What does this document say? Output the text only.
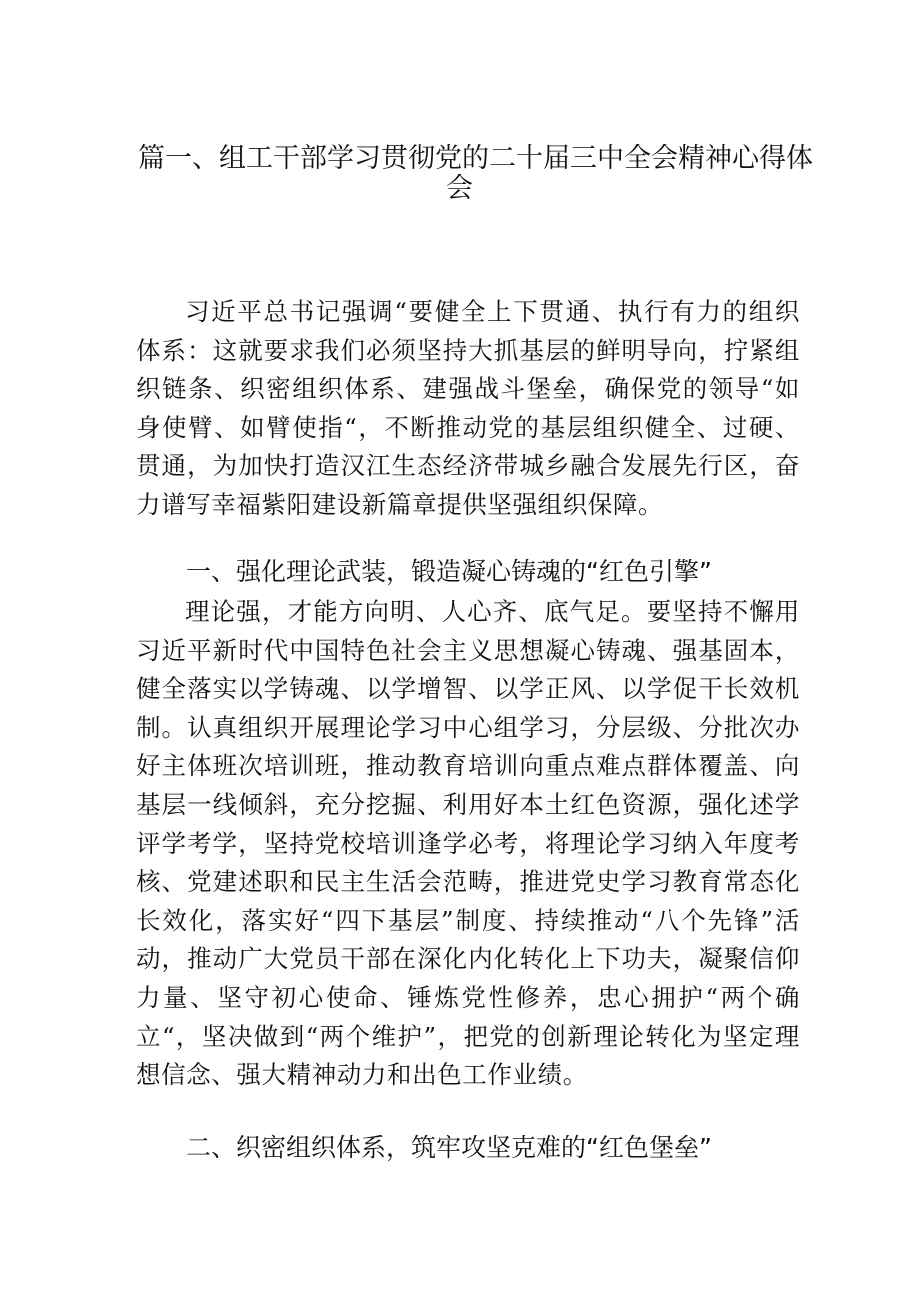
篇一、组工干部学习贯彻党的二十届三中全会精神心得体
会

习近平总书记强调“要健全上下贯通、执行有力的组织体系：这就要求我们必须坚持大抓基层的鲜明导向，拧紧组织链条、织密组织体系、建强战斗堡垒，确保党的领导“如身使臂、如臂使指“，不断推动党的基层组织健全、过硬、贯通，为加快打造汉江生态经济带城乡融合发展先行区，奋力谱写幸福紫阳建设新篇章提供坚强组织保障。

一、强化理论武装，锻造凝心铸魂的“红色引擎”

理论强，才能方向明、人心齐、底气足。要坚持不懈用习近平新时代中国特色社会主义思想凝心铸魂、强基固本，健全落实以学铸魂、以学增智、以学正风、以学促干长效机制。认真组织开展理论学习中心组学习，分层级、分批次办好主体班次培训班，推动教育培训向重点难点群体覆盖、向基层一线倾斜，充分挖掘、利用好本土红色资源，强化述学评学考学，坚持党校培训逢学必考，将理论学习纳入年度考核、党建述职和民主生活会范畴，推进党史学习教育常态化长效化，落实好“四下基层”制度、持续推动“八个先锋”活动，推动广大党员干部在深化内化转化上下功夫，凝聚信仰力量、坚守初心使命、锤炼党性修养，忠心拥护“两个确立“，坚决做到“两个维护”，把党的创新理论转化为坚定理想信念、强大精神动力和出色工作业绩。

二、织密组织体系，筑牢攻坚克难的“红色堡垒”
